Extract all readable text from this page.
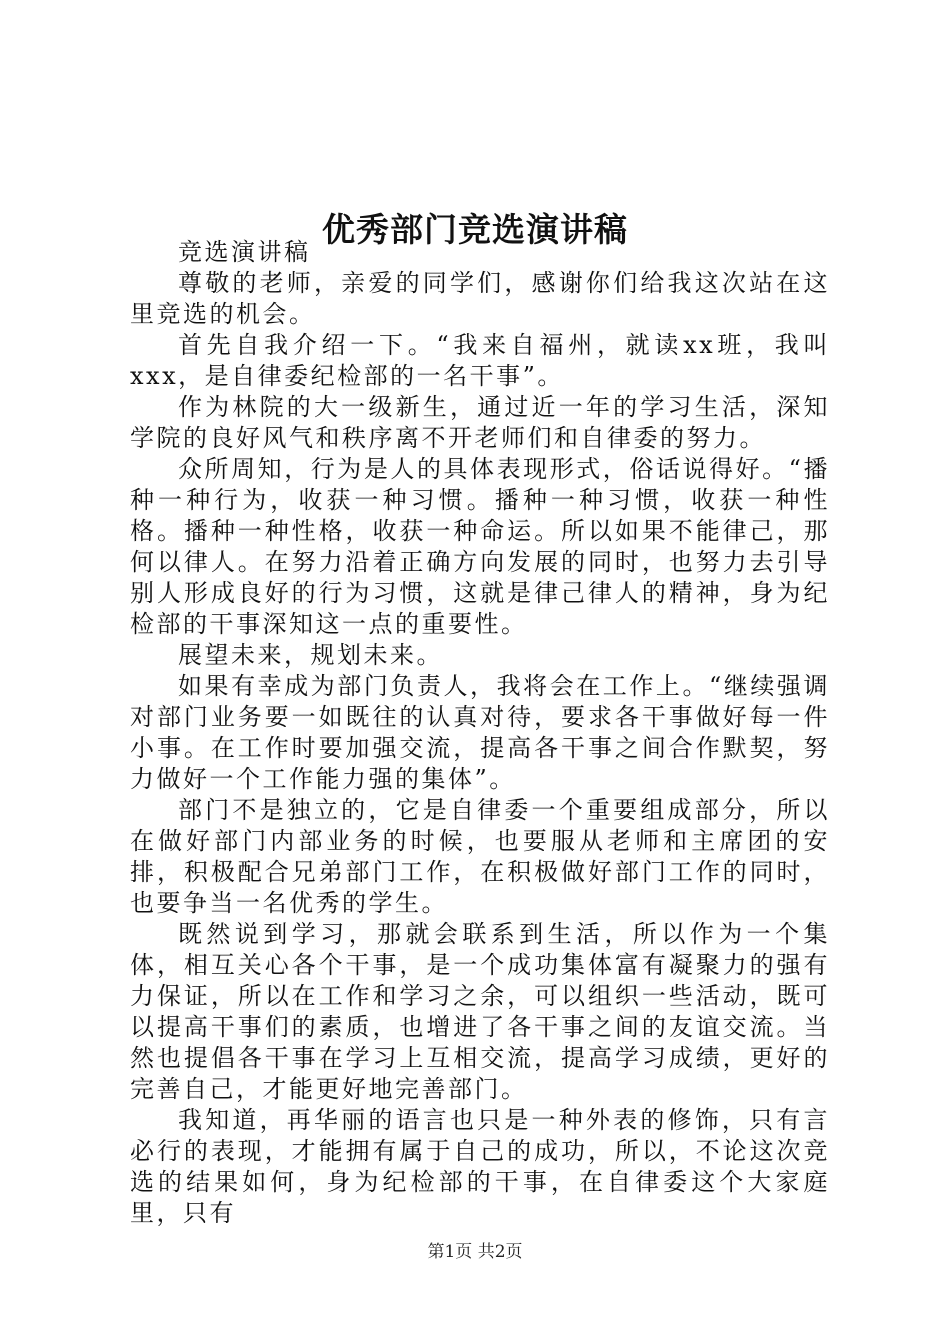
优秀部门竞选演讲稿

竞选演讲稿

尊敬的老师，亲爱的同学们，感谢你们给我这次站在这里竞选的机会。

首先自我介绍一下。“我来自福州，就读xx班，我叫xxx，是自律委纪检部的一名干事”。

作为林院的大一级新生，通过近一年的学习生活，深知学院的良好风气和秩序离不开老师们和自律委的努力。

众所周知，行为是人的具体表现形式，俗话说得好。“播种一种行为，收获一种习惯。播种一种习惯，收获一种性格。播种一种性格，收获一种命运。所以如果不能律己，那何以律人。在努力沿着正确方向发展的同时，也努力去引导别人形成良好的行为习惯，这就是律己律人的精神，身为纪检部的干事深知这一点的重要性。

展望未来，规划未来。

如果有幸成为部门负责人，我将会在工作上。“继续强调对部门业务要一如既往的认真对待，要求各干事做好每一件小事。在工作时要加强交流，提高各干事之间合作默契，努力做好一个工作能力强的集体”。

部门不是独立的，它是自律委一个重要组成部分，所以在做好部门内部业务的时候，也要服从老师和主席团的安排，积极配合兄弟部门工作，在积极做好部门工作的同时，也要争当一名优秀的学生。

既然说到学习，那就会联系到生活，所以作为一个集体，相互关心各个干事，是一个成功集体富有凝聚力的强有力保证，所以在工作和学习之余，可以组织一些活动，既可以提高干事们的素质，也增进了各干事之间的友谊交流。当然也提倡各干事在学习上互相交流，提高学习成绩，更好的完善自己，才能更好地完善部门。

我知道，再华丽的语言也只是一种外表的修饰，只有言必行的表现，才能拥有属于自己的成功，所以，不论这次竞选的结果如何，身为纪检部的干事，在自律委这个大家庭里，只有

第1页 共2页
